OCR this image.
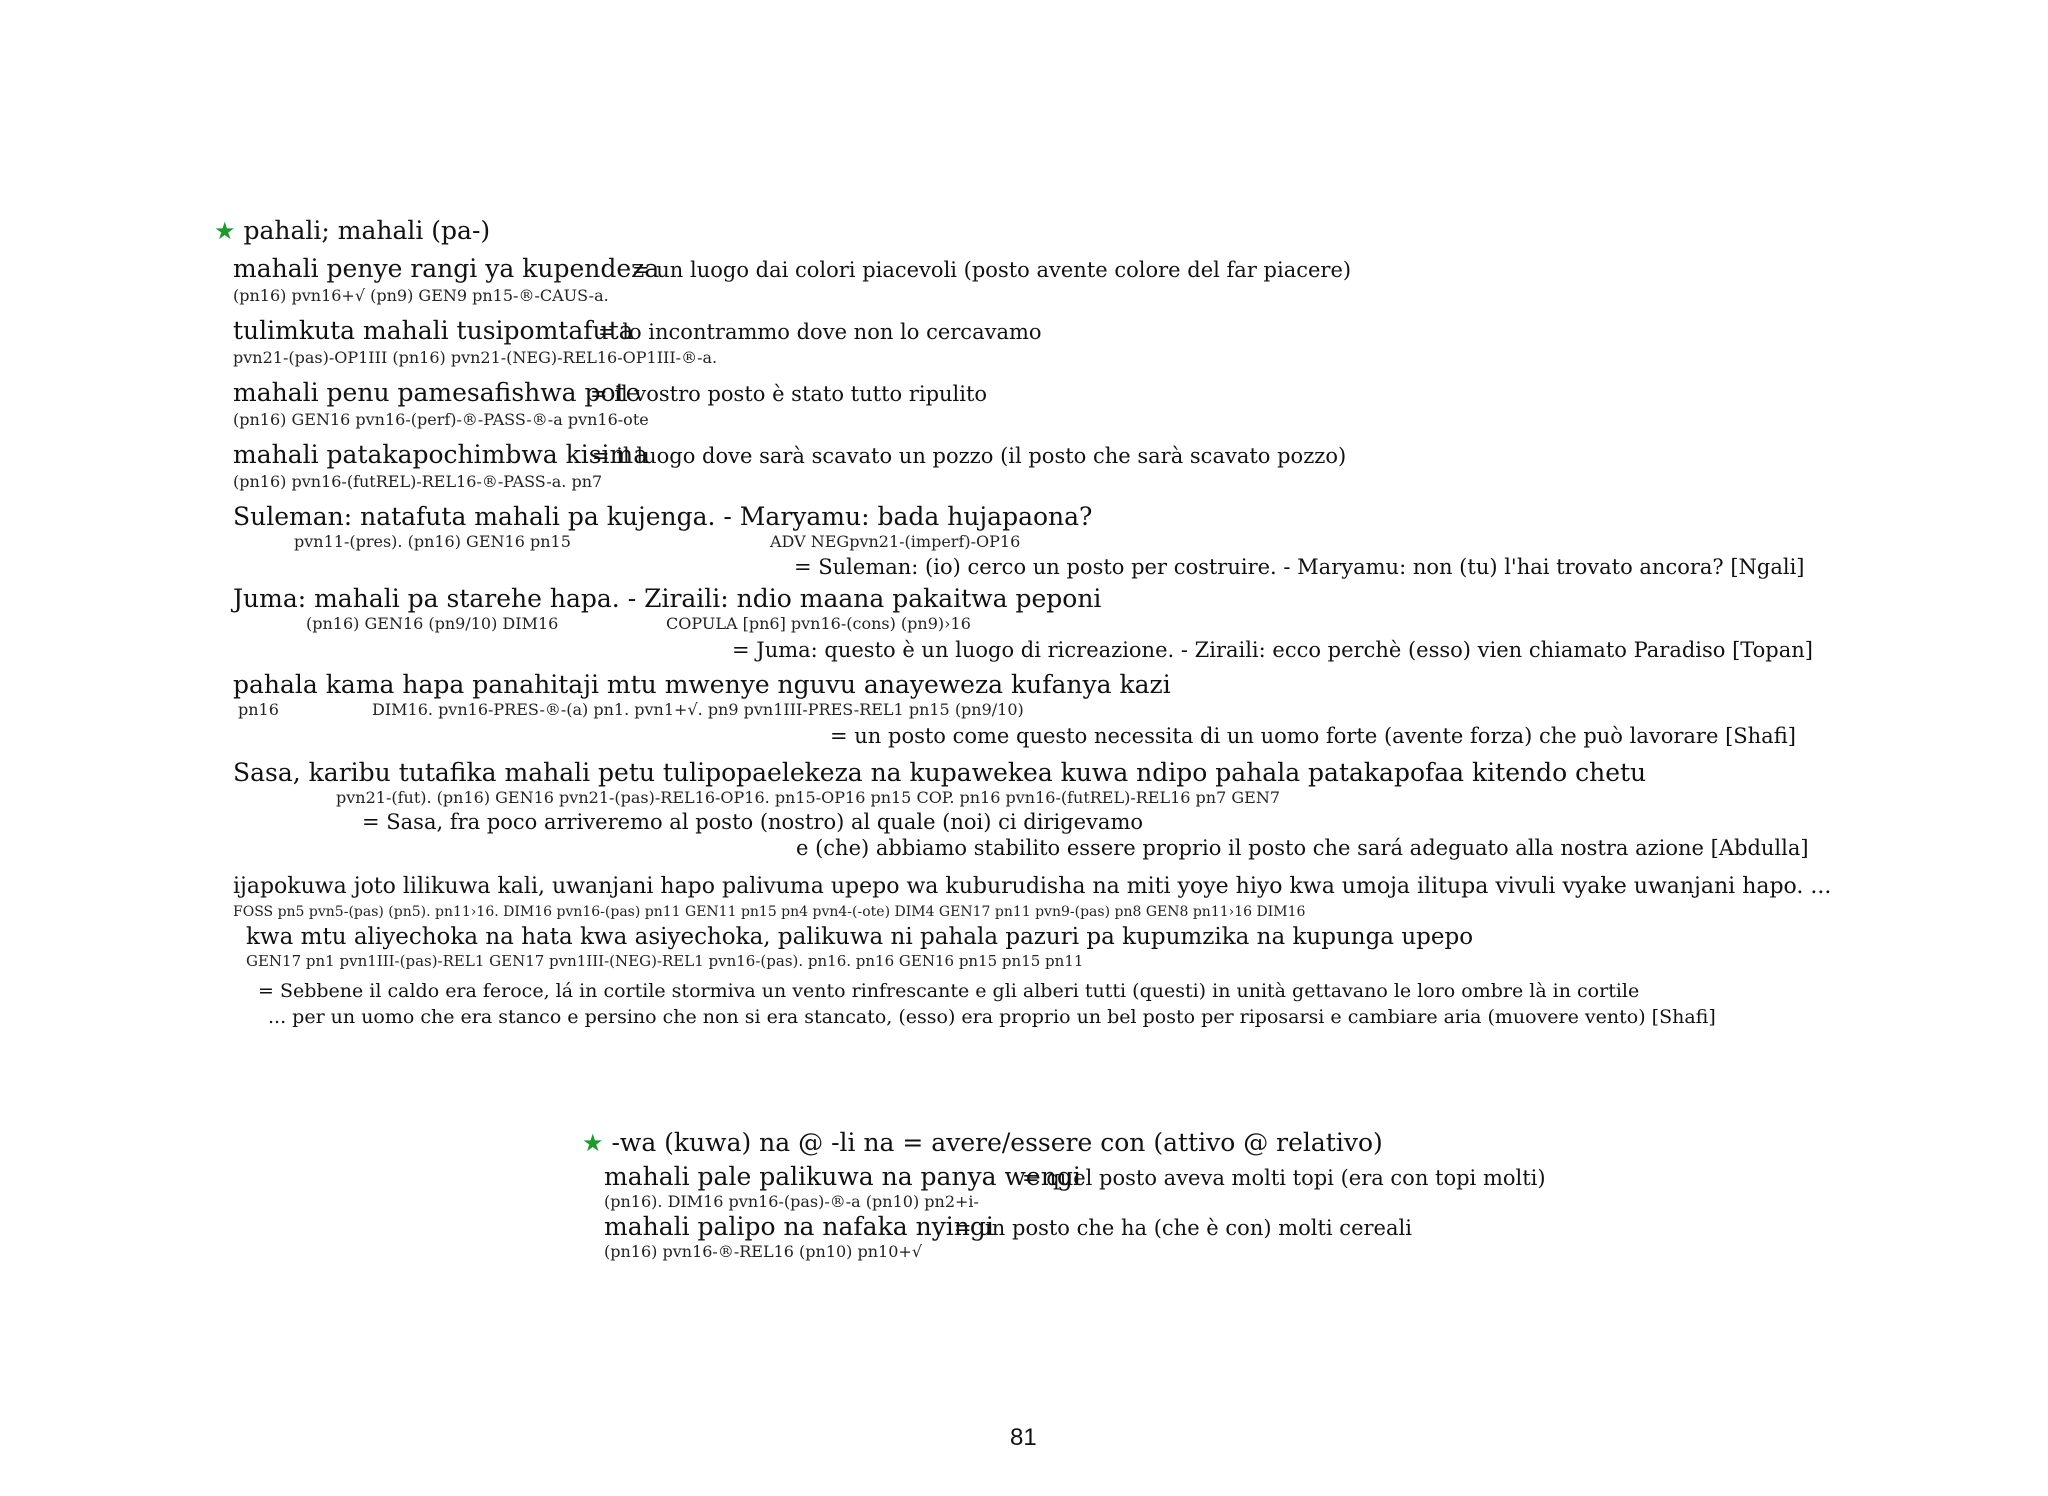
★ pahali; mahali (pa-)
mahali penye rangi ya kupendeza
= un luogo dai colori piacevoli (posto avente colore del far piacere)
(pn16) pvn16+√ (pn9) GEN9 pn15-®-CAUS-a.
tulimkuta mahali tusipomtafuta
= lo incontrammo dove non lo cercavamo
pvn21-(pas)-OP1III (pn16) pvn21-(NEG)-REL16-OP1III-®-a.
mahali penu pamesafishwa pote
= il vostro posto è stato tutto ripulito
(pn16) GEN16 pvn16-(perf)-®-PASS-®-a pvn16-ote
mahali patakapochimbwa kisima
= il luogo dove sarà scavato un pozzo (il posto che sarà scavato pozzo)
(pn16) pvn16-(futREL)-REL16-®-PASS-a. pn7
Suleman: natafuta mahali pa kujenga. - Maryamu: bada hujapaona?
pvn11-(pres). (pn16) GEN16 pn15	ADV NEGpvn21-(imperf)-OP16
= Suleman: (io) cerco un posto per costruire. - Maryamu: non (tu) l'hai trovato ancora? [Ngali]
Juma: mahali pa starehe hapa. - Ziraili: ndio maana pakaitwa peponi
(pn16) GEN16 (pn9/10) DIM16	COPULA [pn6] pvn16-(cons) (pn9)›16
= Juma: questo è un luogo di ricreazione. - Ziraili: ecco perchè (esso) vien chiamato Paradiso [Topan]
pahala kama hapa panahitaji mtu mwenye nguvu anayeweza kufanya kazi
pn16	DIM16. pvn16-PRES-®-(a) pn1. pvn1+√. pn9 pvn1III-PRES-REL1 pn15 (pn9/10)
= un posto come questo necessita di un uomo forte (avente forza) che può lavorare [Shafi]
Sasa, karibu tutafika mahali petu tulipopaelekeza na kupawekea kuwa ndipo pahala patakapofaa kitendo chetu
pvn21-(fut). (pn16) GEN16 pvn21-(pas)-REL16-OP16. pn15-OP16 pn15 COP. pn16 pvn16-(futREL)-REL16 pn7 GEN7
= Sasa, fra poco arriveremo al posto (nostro) al quale (noi) ci dirigevamo
e (che) abbiamo stabilito essere proprio il posto che sará adeguato alla nostra azione [Abdulla]
ijapokuwa joto lilikuwa kali, uwanjani hapo palivuma upepo wa kuburudisha na miti yoye hiyo kwa umoja ilitupa vivuli vyake uwanjani hapo. ...
FOSS pn5 pvn5-(pas) (pn5). pn11›16. DIM16 pvn16-(pas) pn11 GEN11 pn15 pn4 pvn4-(-ote) DIM4 GEN17 pn11 pvn9-(pas) pn8 GEN8 pn11›16 DIM16
kwa mtu aliyechoka na hata kwa asiyechoka, palikuwa ni pahala pazuri pa kupumzika na kupunga upepo
GEN17 pn1 pvn1III-(pas)-REL1 GEN17 pvn1III-(NEG)-REL1 pvn16-(pas). pn16. pn16 GEN16 pn15 pn15 pn11
= Sebbene il caldo era feroce, lá in cortile stormiva un vento rinfrescante e gli alberi tutti (questi) in unità gettavano le loro ombre là in cortile
... per un uomo che era stanco e persino che non si era stancato, (esso) era proprio un bel posto per riposarsi e cambiare aria (muovere vento) [Shafi]
★ -wa (kuwa) na @ -li na = avere/essere con (attivo @ relativo)
mahali pale palikuwa na panya wengi
= quel posto aveva molti topi (era con topi molti)
(pn16). DIM16 pvn16-(pas)-®-a (pn10) pn2+i-
mahali palipo na nafaka nyingi
= un posto che ha (che è con) molti cereali
(pn16) pvn16-®-REL16 (pn10) pn10+√
81
